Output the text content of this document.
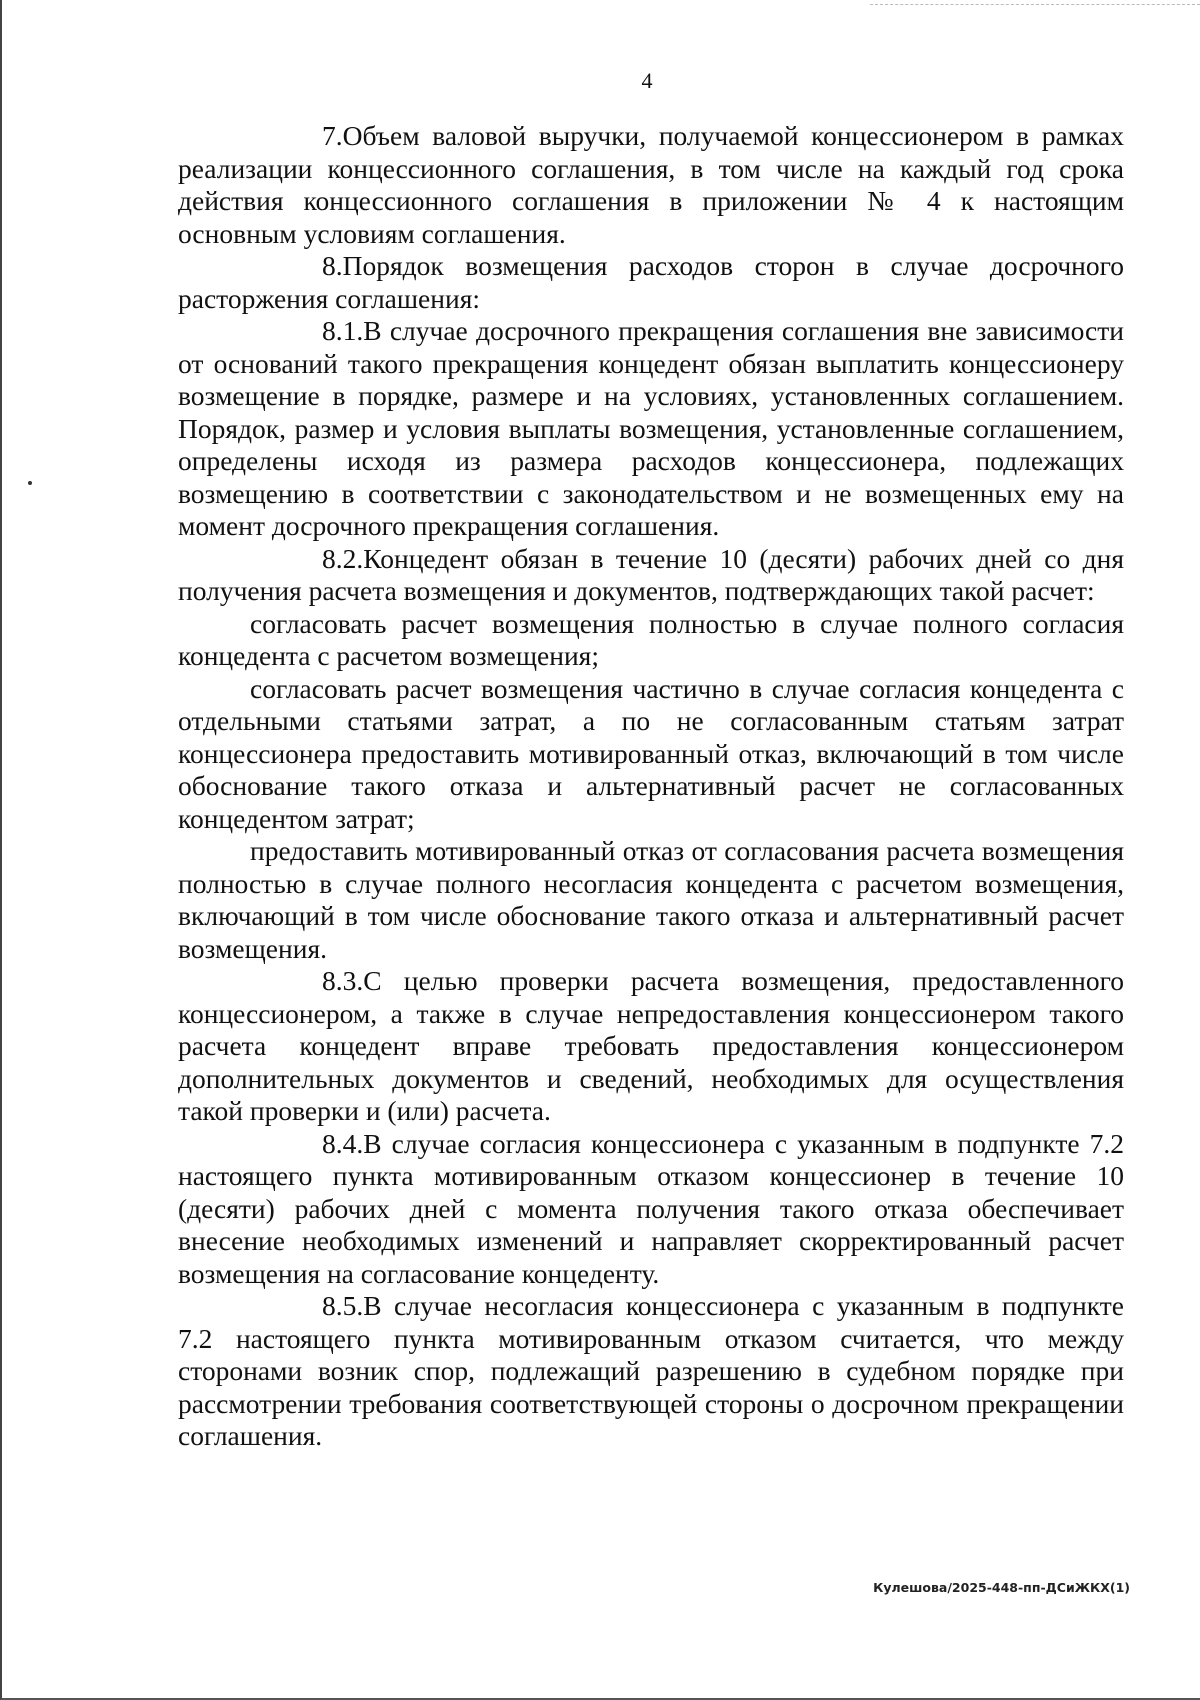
4

7.Объем валовой выручки, получаемой концессионером в рамках реализации концессионного соглашения, в том числе на каждый год срока действия концессионного соглашения в приложении № 4 к настоящим основным условиям соглашения.

8.Порядок возмещения расходов сторон в случае досрочного расторжения соглашения:

8.1.В случае досрочного прекращения соглашения вне зависимости от оснований такого прекращения концедент обязан выплатить концессионеру возмещение в порядке, размере и на условиях, установленных соглашением. Порядок, размер и условия выплаты возмещения, установленные соглашением, определены исходя из размера расходов концессионера, подлежащих возмещению в соответствии с законодательством и не возмещенных ему на момент досрочного прекращения соглашения.

8.2.Концедент обязан в течение 10 (десяти) рабочих дней со дня получения расчета возмещения и документов, подтверждающих такой расчет:

согласовать расчет возмещения полностью в случае полного согласия концедента с расчетом возмещения;

согласовать расчет возмещения частично в случае согласия концедента с отдельными статьями затрат, а по не согласованным статьям затрат концессионера предоставить мотивированный отказ, включающий в том числе обоснование такого отказа и альтернативный расчет не согласованных концедентом затрат;

предоставить мотивированный отказ от согласования расчета возмещения полностью в случае полного несогласия концедента с расчетом возмещения, включающий в том числе обоснование такого отказа и альтернативный расчет возмещения.

8.3.С целью проверки расчета возмещения, предоставленного концессионером, а также в случае непредоставления концессионером такого расчета концедент вправе требовать предоставления концессионером дополнительных документов и сведений, необходимых для осуществления такой проверки и (или) расчета.

8.4.В случае согласия концессионера с указанным в подпункте 7.2 настоящего пункта мотивированным отказом концессионер в течение 10 (десяти) рабочих дней с момента получения такого отказа обеспечивает внесение необходимых изменений и направляет скорректированный расчет возмещения на согласование концеденту.

8.5.В случае несогласия концессионера с указанным в подпункте 7.2 настоящего пункта мотивированным отказом считается, что между сторонами возник спор, подлежащий разрешению в судебном порядке при рассмотрении требования соответствующей стороны о досрочном прекращении соглашения.

Кулешова/2025-448-пп-ДСиЖКХ(1)
